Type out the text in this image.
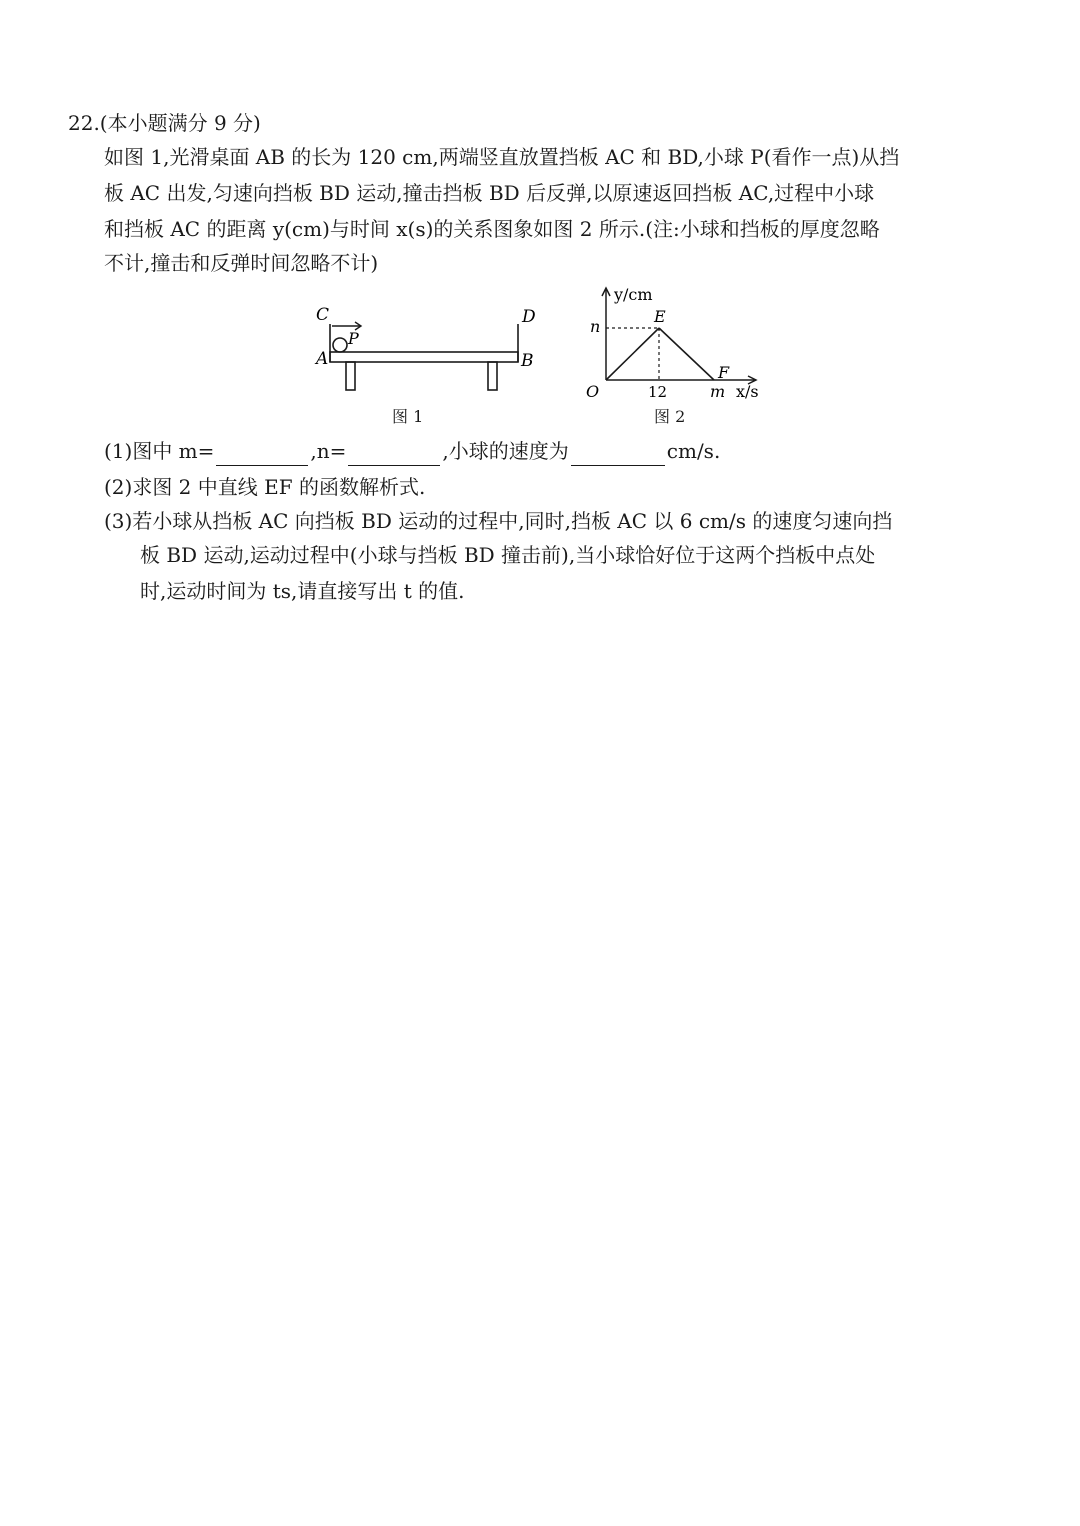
22.(本小题满分 9 分)
如图 1,光滑桌面 AB 的长为 120 cm,两端竖直放置挡板 AC 和 BD,小球 P(看作一点)从挡
板 AC 出发,匀速向挡板 BD 运动,撞击挡板 BD 后反弹,以原速返回挡板 AC,过程中小球
和挡板 AC 的距离 y(cm)与时间 x(s)的关系图象如图 2 所示.(注:小球和挡板的厚度忽略
不计,撞击和反弹时间忽略不计)
C	D
A	B
P
图 1
y/cm
n
E
F
O	12	m x/s
图 2
(1)图中 m=	,n=	,小球的速度为	cm/s.
(2)求图 2 中直线 EF 的函数解析式.
(3)若小球从挡板 AC 向挡板 BD 运动的过程中,同时,挡板 AC 以 6 cm/s 的速度匀速向挡
板 BD 运动,运动过程中(小球与挡板 BD 撞击前),当小球恰好位于这两个挡板中点处
时,运动时间为 ts,请直接写出 t 的值.
